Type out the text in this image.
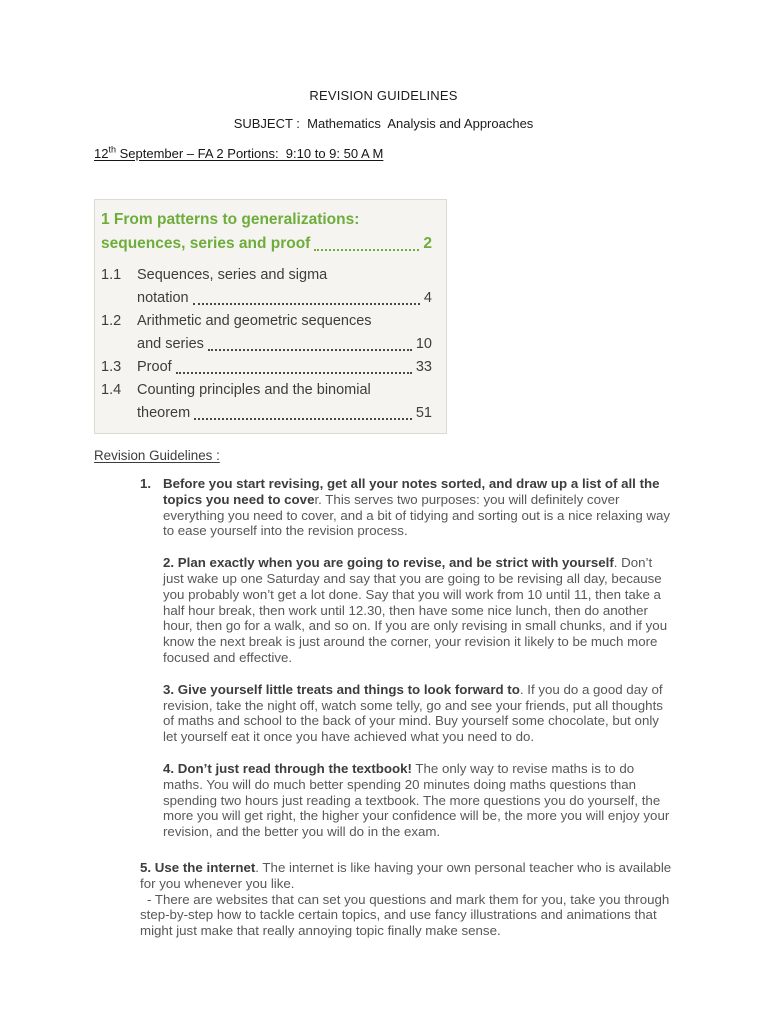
REVISION GUIDELINES
SUBJECT :  Mathematics  Analysis and Approaches
12th September – FA 2 Portions:  9:10 to 9: 50 A M
1 From patterns to generalizations:
sequences, series and proof	2
1.1	Sequences, series and sigma
notation	4
1.2	Arithmetic and geometric sequences
and series	10
1.3	Proof	33
1.4	Counting principles and the binomial
theorem	51
Revision Guidelines :
1. Before you start revising, get all your notes sorted, and draw up a list of all the topics you need to cover. This serves two purposes: you will definitely cover everything you need to cover, and a bit of tidying and sorting out is a nice relaxing way to ease yourself into the revision process.
2. Plan exactly when you are going to revise, and be strict with yourself. Don’t just wake up one Saturday and say that you are going to be revising all day, because you probably won’t get a lot done. Say that you will work from 10 until 11, then take a half hour break, then work until 12.30, then have some nice lunch, then do another hour, then go for a walk, and so on. If you are only revising in small chunks, and if you know the next break is just around the corner, your revision it likely to be much more focused and effective.
3. Give yourself little treats and things to look forward to. If you do a good day of revision, take the night off, watch some telly, go and see your friends, put all thoughts of maths and school to the back of your mind. Buy yourself some chocolate, but only let yourself eat it once you have achieved what you need to do.
4. Don’t just read through the textbook! The only way to revise maths is to do maths. You will do much better spending 20 minutes doing maths questions than spending two hours just reading a textbook. The more questions you do yourself, the more you will get right, the higher your confidence will be, the more you will enjoy your revision, and the better you will do in the exam.
5. Use the internet. The internet is like having your own personal teacher who is available for you whenever you like.
- There are websites that can set you questions and mark them for you, take you through step-by-step how to tackle certain topics, and use fancy illustrations and animations that might just make that really annoying topic finally make sense.
